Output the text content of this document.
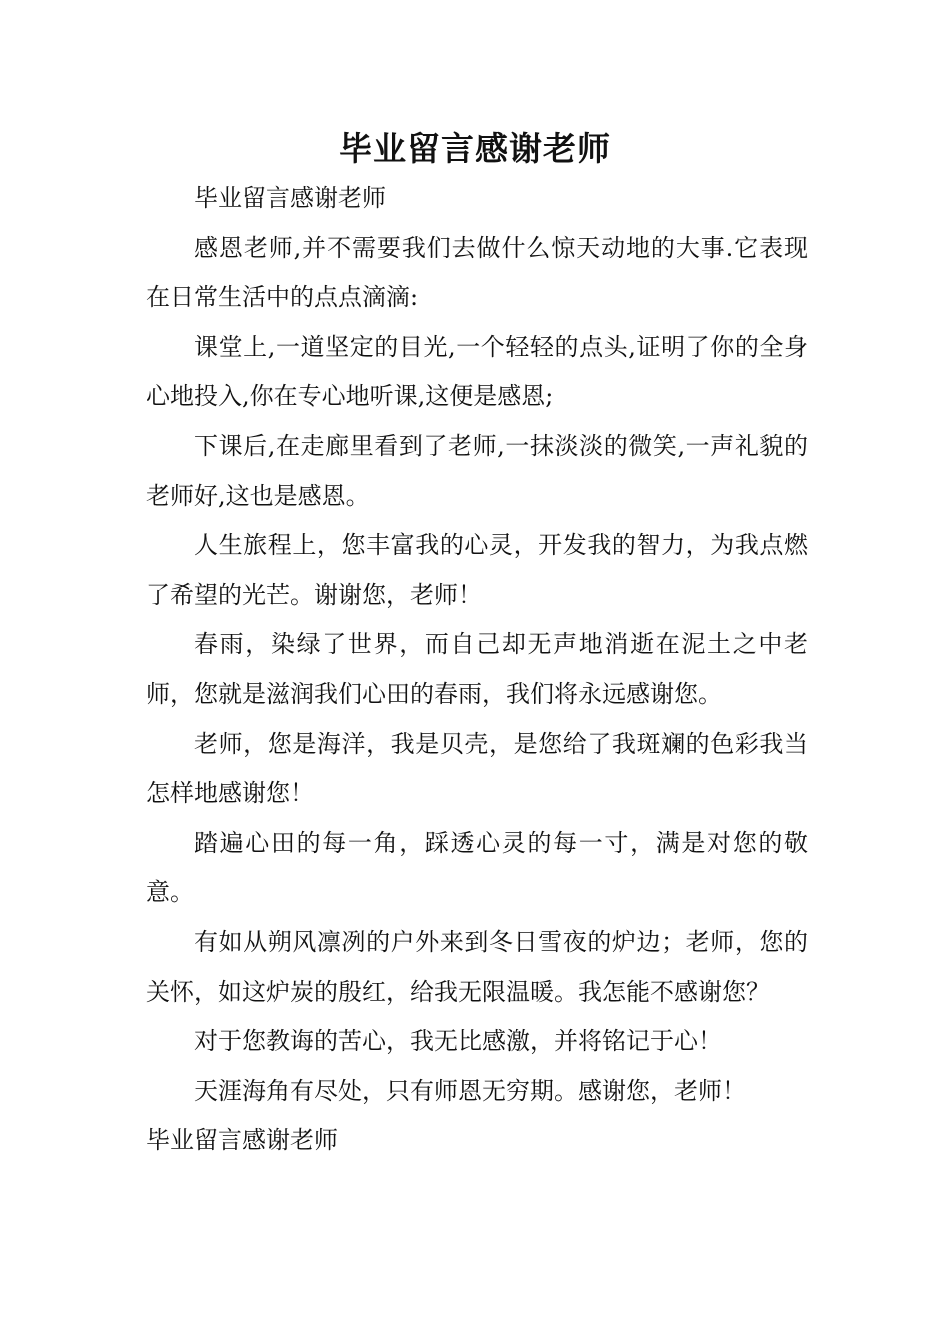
毕业留言感谢老师

毕业留言感谢老师

感恩老师,并不需要我们去做什么惊天动地的大事.它表现在日常生活中的点点滴滴:

课堂上,一道坚定的目光,一个轻轻的点头,证明了你的全身心地投入,你在专心地听课,这便是感恩;

下课后,在走廊里看到了老师,一抹淡淡的微笑,一声礼貌的老师好,这也是感恩。

人生旅程上，您丰富我的心灵，开发我的智力，为我点燃了希望的光芒。谢谢您，老师！

春雨，染绿了世界，而自己却无声地消逝在泥土之中老师，您就是滋润我们心田的春雨，我们将永远感谢您。

老师，您是海洋，我是贝壳，是您给了我斑斓的色彩我当怎样地感谢您！

踏遍心田的每一角，踩透心灵的每一寸，满是对您的敬意。

有如从朔风凛冽的户外来到冬日雪夜的炉边；老师，您的关怀，如这炉炭的殷红，给我无限温暖。我怎能不感谢您？

对于您教诲的苦心，我无比感激，并将铭记于心！

天涯海角有尽处，只有师恩无穷期。感谢您，老师！

毕业留言感谢老师
